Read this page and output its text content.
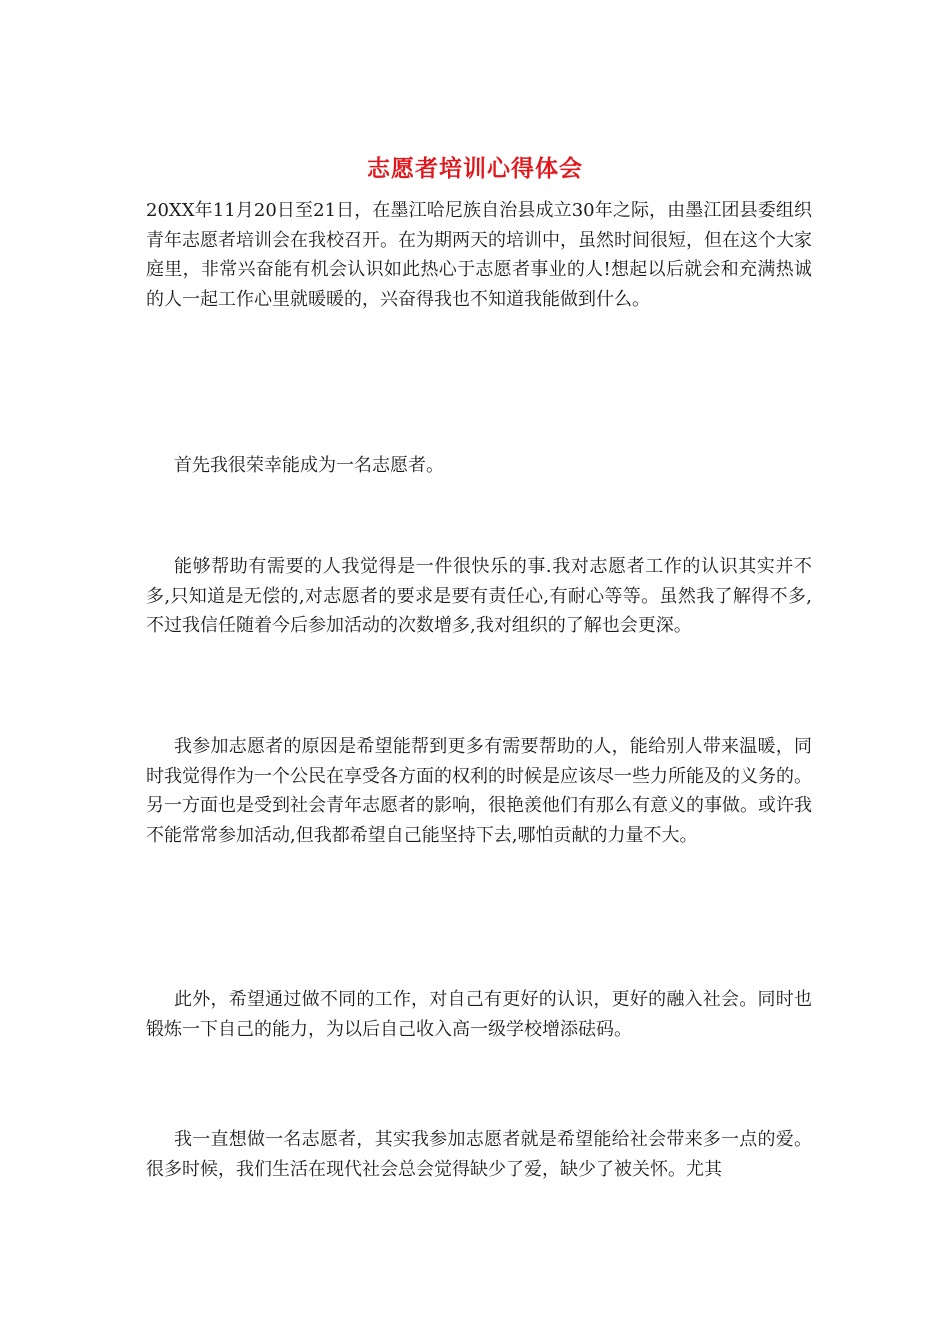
志愿者培训心得体会

20XX年11月20日至21日，在墨江哈尼族自治县成立30年之际，由墨江团县委组织青年志愿者培训会在我校召开。在为期两天的培训中，虽然时间很短，但在这个大家庭里，非常兴奋能有机会认识如此热心于志愿者事业的人!想起以后就会和充满热诚的人一起工作心里就暖暖的，兴奋得我也不知道我能做到什么。

首先我很荣幸能成为一名志愿者。

能够帮助有需要的人我觉得是一件很快乐的事.我对志愿者工作的认识其实并不多,只知道是无偿的,对志愿者的要求是要有责任心,有耐心等等。虽然我了解得不多,不过我信任随着今后参加活动的次数增多,我对组织的了解也会更深。

我参加志愿者的原因是希望能帮到更多有需要帮助的人，能给别人带来温暖，同时我觉得作为一个公民在享受各方面的权利的时候是应该尽一些力所能及的义务的。另一方面也是受到社会青年志愿者的影响，很艳羡他们有那么有意义的事做。或许我不能常常参加活动,但我都希望自己能坚持下去,哪怕贡献的力量不大。

此外，希望通过做不同的工作，对自己有更好的认识，更好的融入社会。同时也锻炼一下自己的能力，为以后自己收入高一级学校增添砝码。

我一直想做一名志愿者，其实我参加志愿者就是希望能给社会带来多一点的爱。很多时候，我们生活在现代社会总会觉得缺少了爱，缺少了被关怀。尤其
